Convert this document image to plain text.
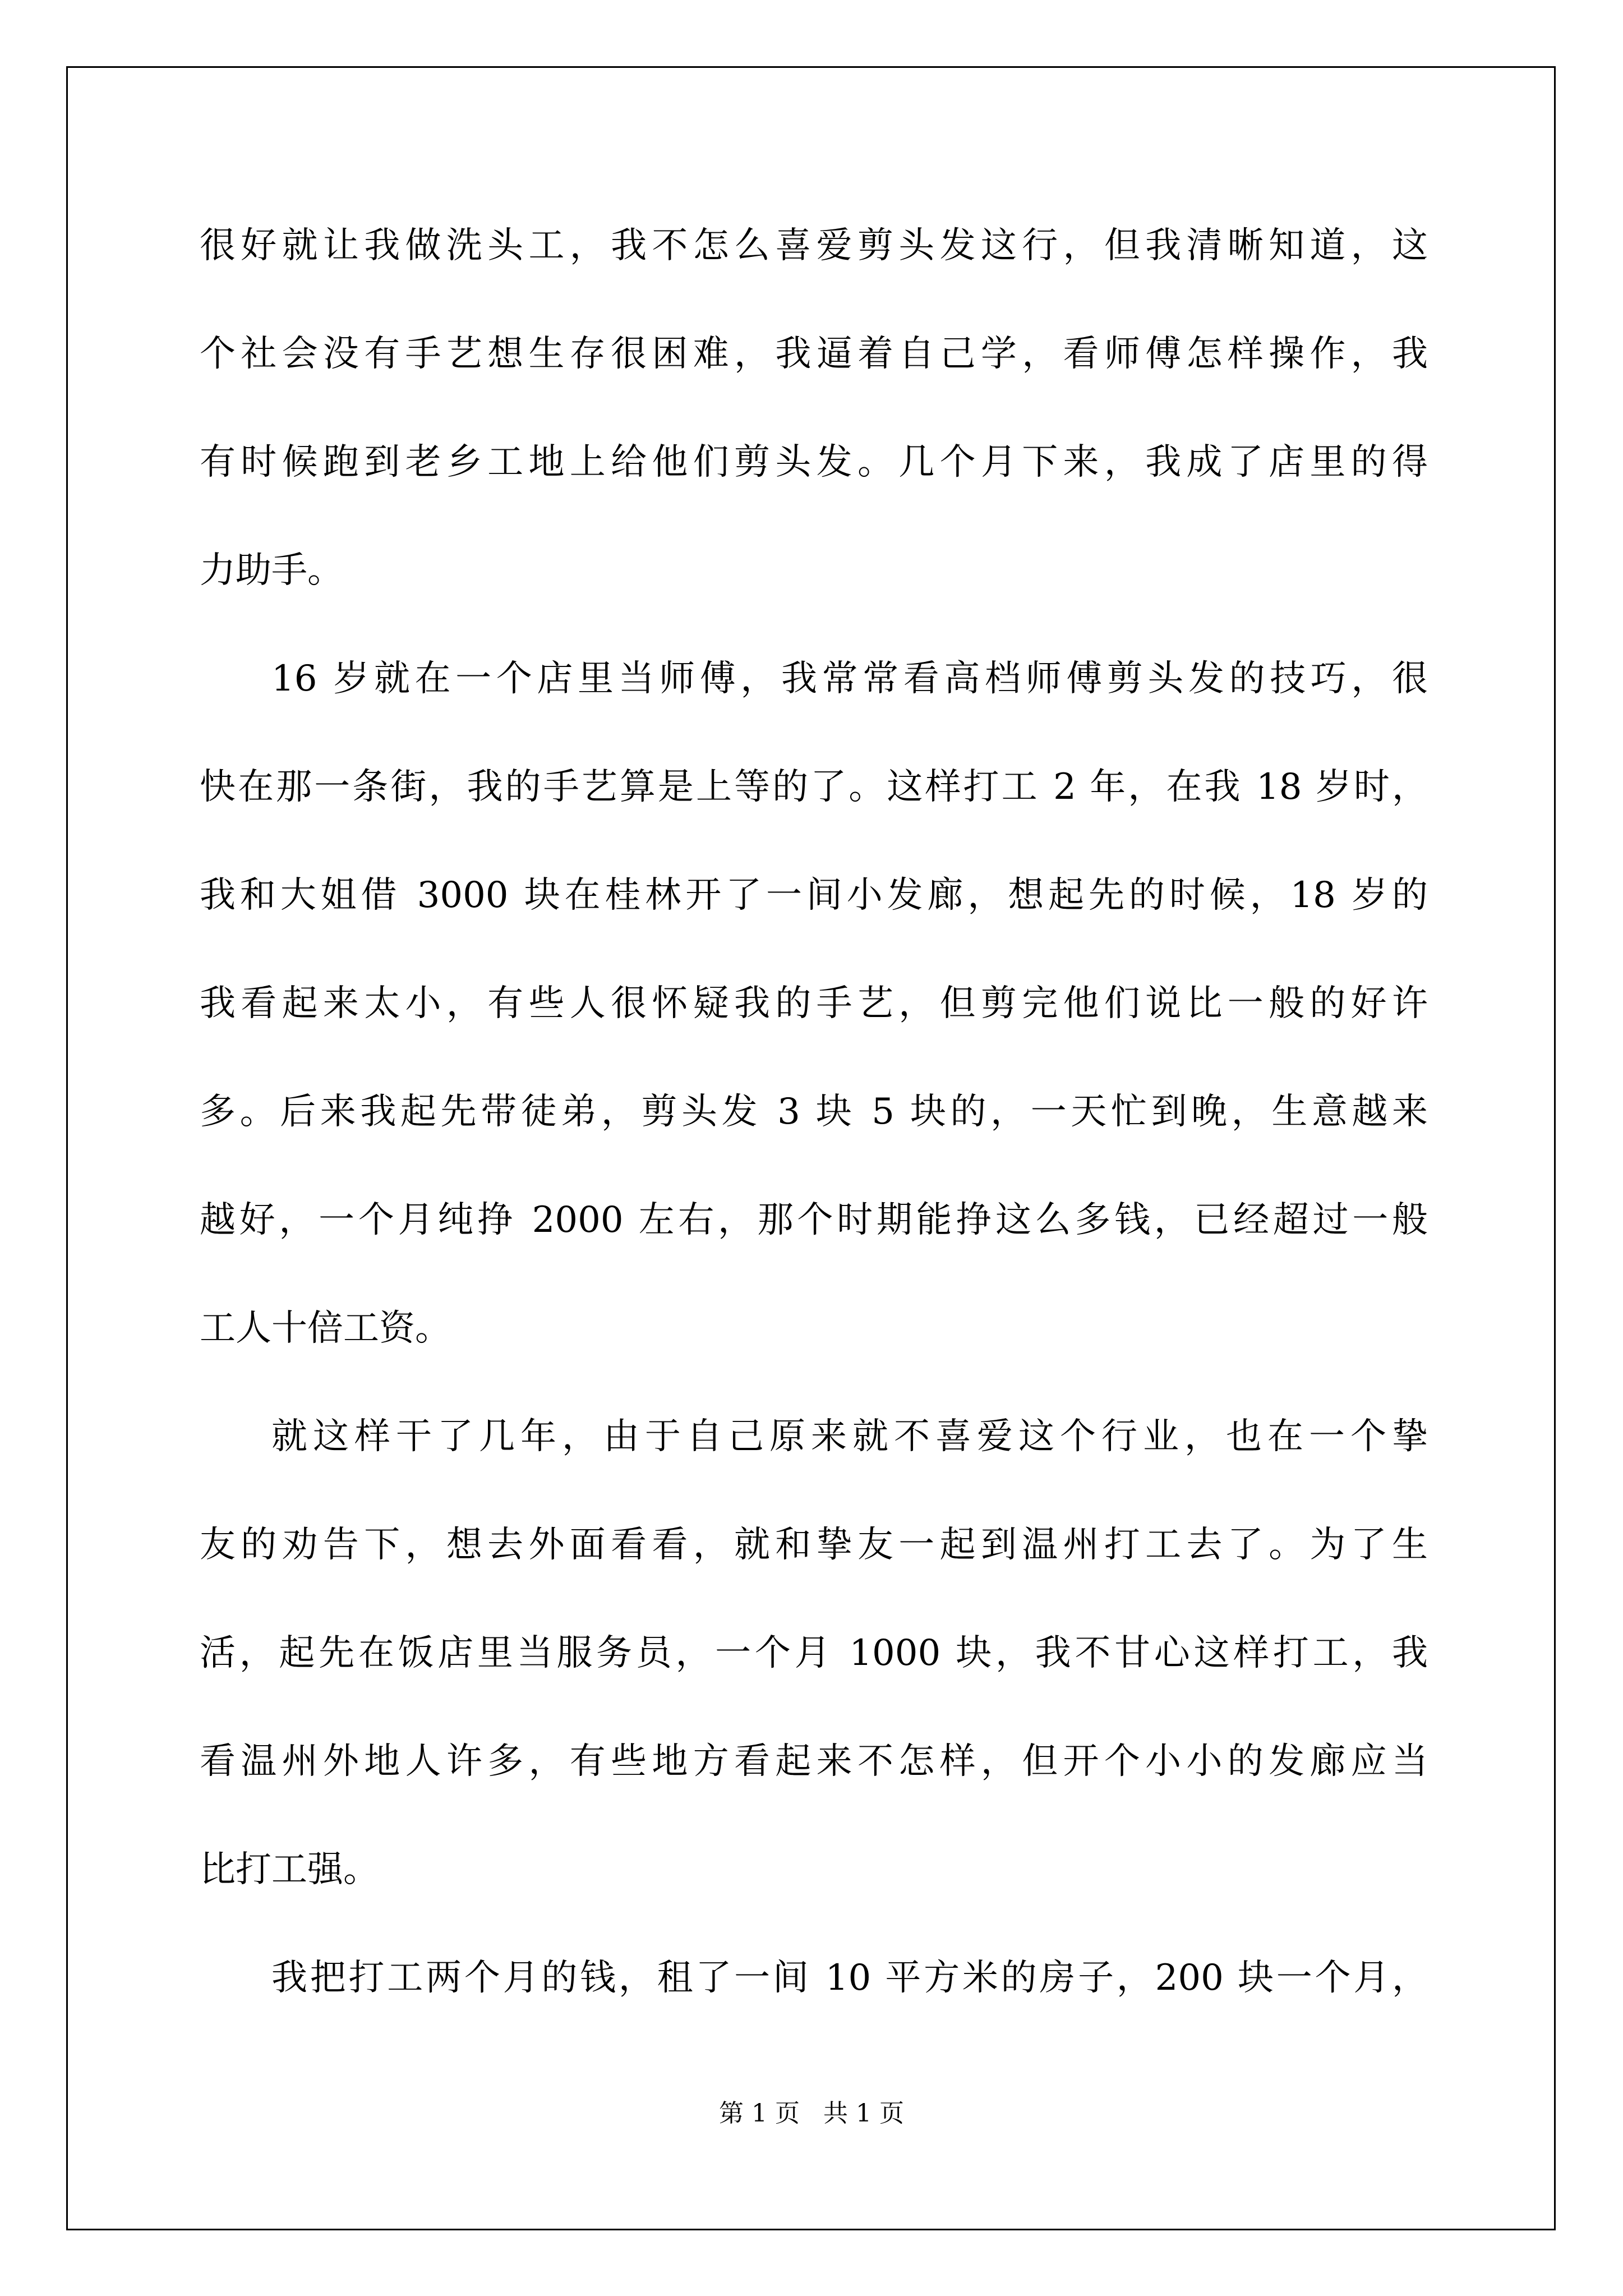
很好就让我做洗头工，我不怎么喜爱剪头发这行，但我清晰知道，这
个社会没有手艺想生存很困难，我逼着自己学，看师傅怎样操作，我
有时候跑到老乡工地上给他们剪头发。几个月下来，我成了店里的得
力助手。
16 岁就在一个店里当师傅，我常常看高档师傅剪头发的技巧，很
快在那一条街，我的手艺算是上等的了。这样打工 2 年，在我 18 岁时，
我和大姐借 3000 块在桂林开了一间小发廊，想起先的时候，18 岁的
我看起来太小，有些人很怀疑我的手艺，但剪完他们说比一般的好许
多。后来我起先带徒弟，剪头发 3 块 5 块的，一天忙到晚，生意越来
越好，一个月纯挣 2000 左右，那个时期能挣这么多钱，已经超过一般
工人十倍工资。
就这样干了几年，由于自己原来就不喜爱这个行业，也在一个挚
友的劝告下，想去外面看看，就和挚友一起到温州打工去了。为了生
活，起先在饭店里当服务员，一个月 1000 块，我不甘心这样打工，我
看温州外地人许多，有些地方看起来不怎样，但开个小小的发廊应当
比打工强。
我把打工两个月的钱，租了一间 10 平方米的房子，200 块一个月，
第 1 页 共 1 页
